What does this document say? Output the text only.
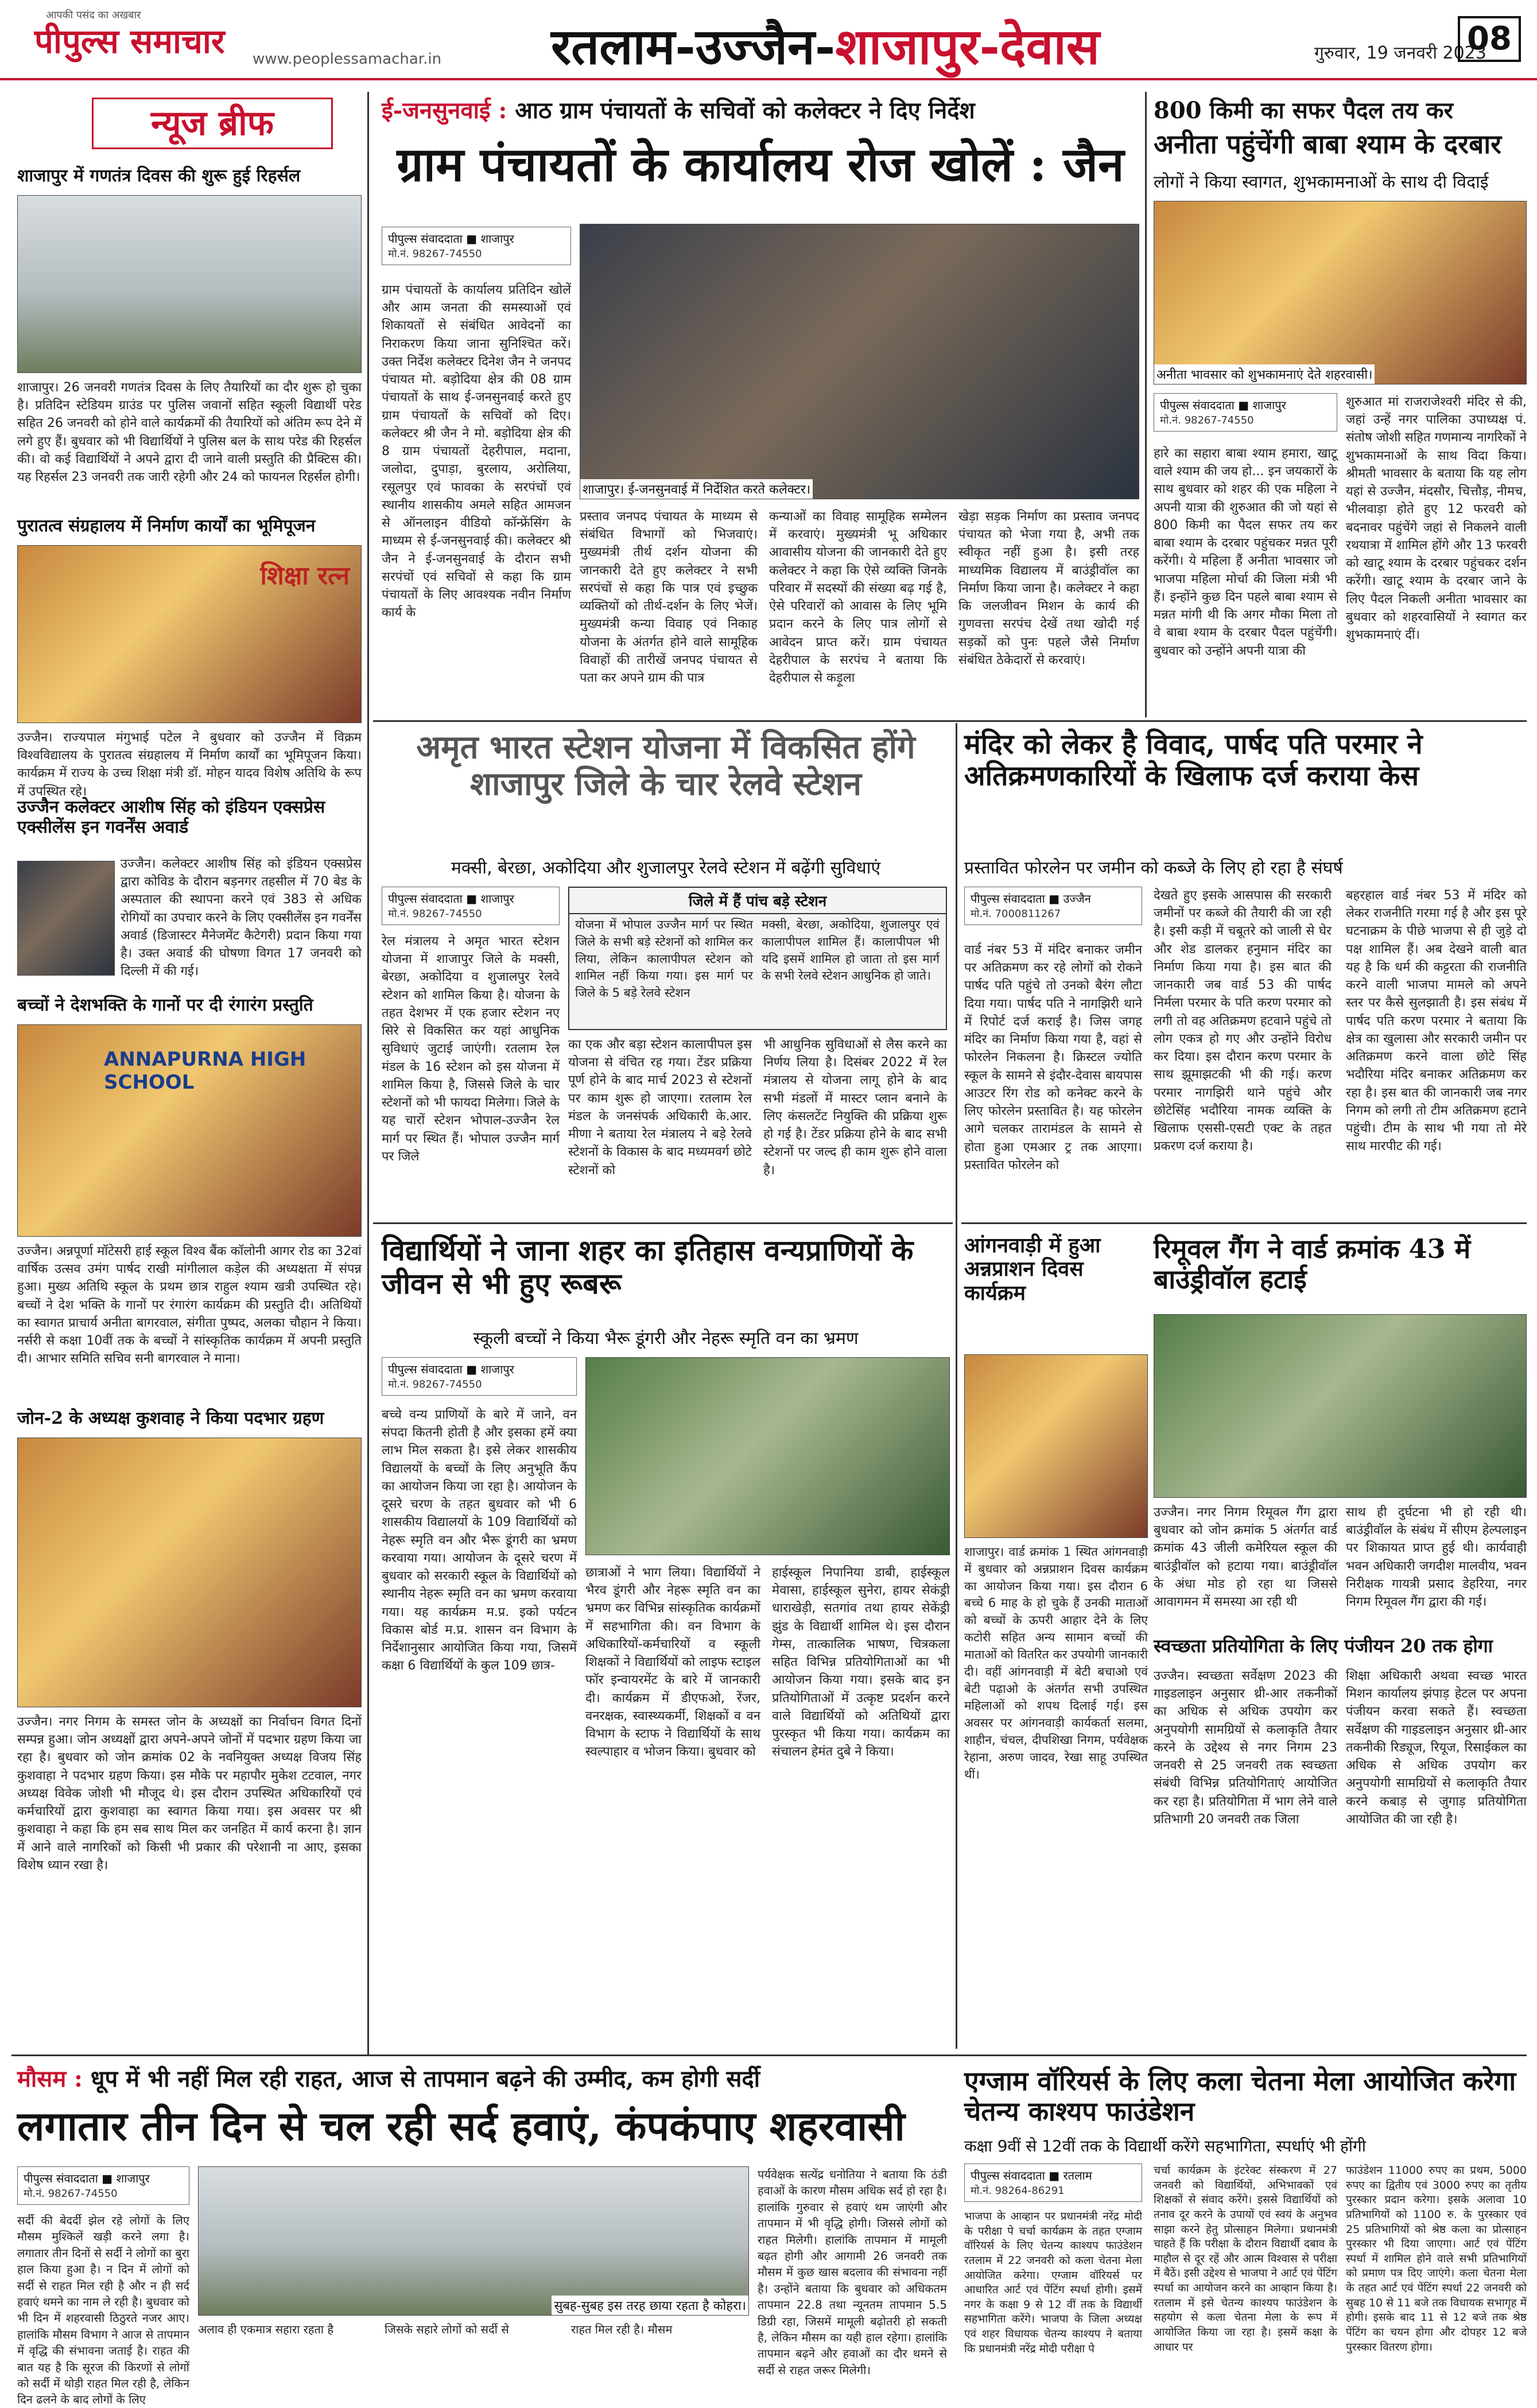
आपकी पसंद का अखबार
पीपुल्स समाचार www.peoplessamachar.in रतलाम-उज्जैन-शाजापुर-देवास	गुरुवार, 19 जनवरी 2023
08
न्यूज ब्रीफ
शाजापुर में गणतंत्र दिवस की शुरू हुई रिहर्सल
शाजापुर। 26 जनवरी गणतंत्र दिवस के लिए तैयारियों का दौर शुरू हो चुका है। प्रतिदिन स्टेडियम ग्राउंड पर पुलिस जवानों सहित स्कूली विद्यार्थी परेड सहित 26 जनवरी को होने वाले कार्यक्रमों की तैयारियों को अंतिम रूप देने में लगे हुए हैं। बुधवार को भी विद्यार्थियों ने पुलिस बल के साथ परेड की रिहर्सल की। वो कई विद्यार्थियों ने अपने द्वारा दी जाने वाली प्रस्तुति की प्रैक्टिस की। यह रिहर्सल 23 जनवरी तक जारी रहेगी और 24 को फायनल रिहर्सल होगी।
पुरातत्व संग्रहालय में निर्माण कार्यों का भूमिपूजन
शिक्षा रत्न
उज्जैन। राज्यपाल मंगुभाई पटेल ने बुधवार को उज्जैन में विक्रम विश्वविद्यालय के पुरातत्व संग्रहालय में निर्माण कार्यों का भूमिपूजन किया। कार्यक्रम में राज्य के उच्च शिक्षा मंत्री डॉ. मोहन यादव विशेष अतिथि के रूप में उपस्थित रहे।
उज्जैन कलेक्टर आशीष सिंह को इंडियन एक्सप्रेस एक्सीलेंस इन गवर्नेंस अवार्ड
उज्जैन। कलेक्टर आशीष सिंह को इंडियन एक्सप्रेस द्वारा कोविड के दौरान बड़नगर तहसील में 70 बेड के अस्पताल की स्थापना करने एवं 383 से अधिक रोगियों का उपचार करने के लिए एक्सीलेंस इन गवर्नेंस अवार्ड (डिजास्टर मैनेजमेंट कैटेगरी) प्रदान किया गया है। उक्त अवार्ड की घोषणा विगत 17 जनवरी को दिल्ली में की गई।
बच्चों ने देशभक्ति के गानों पर दी रंगारंग प्रस्तुति
ANNAPURNA HIGH SCHOOL
उज्जैन। अन्नपूर्णा मॉटेसरी हाई स्कूल विश्व बैंक कॉलोनी आगर रोड का 32वां वार्षिक उत्सव उमंग पार्षद राखी मांगीलाल कड़ेल की अध्यक्षता में संपन्न हुआ। मुख्य अतिथि स्कूल के प्रथम छात्र राहुल श्याम खत्री उपस्थित रहे। बच्चों ने देश भक्ति के गानों पर रंगारंग कार्यक्रम की प्रस्तुति दी। अतिथियों का स्वागत प्राचार्य अनीता बागरवाल, संगीता पुष्पद, अलका चौहान ने किया। नर्सरी से कक्षा 10वीं तक के बच्चों ने सांस्कृतिक कार्यक्रम में अपनी प्रस्तुति दी। आभार समिति सचिव सनी बागरवाल ने माना।
जोन-2 के अध्यक्ष कुशवाह ने किया पदभार ग्रहण
उज्जैन। नगर निगम के समस्त जोन के अध्यक्षों का निर्वाचन विगत दिनों सम्पन्न हुआ। जोन अध्यक्षों द्वारा अपने-अपने जोनों में पदभार ग्रहण किया जा रहा है। बुधवार को जोन क्रमांक 02 के नवनियुक्त अध्यक्ष विजय सिंह कुशवाहा ने पदभार ग्रहण किया। इस मौके पर महापौर मुकेश टटवाल, नगर अध्यक्ष विवेक जोशी भी मौजूद थे। इस दौरान उपस्थित अधिकारियों एवं कर्मचारियों द्वारा कुशवाहा का स्वागत किया गया। इस अवसर पर श्री कुशवाहा ने कहा कि हम सब साथ मिल कर जनहित में कार्य करना है। ज्ञान में आने वाले नागरिकों को किसी भी प्रकार की परेशानी ना आए, इसका विशेष ध्यान रखा है।
ई-जनसुनवाई : आठ ग्राम पंचायतों के सचिवों को कलेक्टर ने दिए निर्देश
ग्राम पंचायतों के कार्यालय रोज खोलें : जैन
पीपुल्स संवाददाता ■ शाजापुर
मो.नं. 98267-74550
ग्राम पंचायतों के कार्यालय प्रतिदिन खोलें और आम जनता की समस्याओं एवं शिकायतों से संबंधित आवेदनों का निराकरण किया जाना सुनिश्चित करें। उक्त निर्देश कलेक्टर दिनेश जैन ने जनपद पंचायत मो. बड़ोदिया क्षेत्र की 08 ग्राम पंचायतों के साथ ई-जनसुनवाई करते हुए ग्राम पंचायतों के सचिवों को दिए। कलेक्टर श्री जैन ने मो. बड़ोदिया क्षेत्र की 8 ग्राम पंचायतों देहरीपाल, मदाना, जलोदा, दुपाड़ा, बुरलाय, अरोलिया, रसूलपुर एवं फावका के सरपंचों एवं स्थानीय शासकीय अमले सहित आमजन से ऑनलाइन वीडियो कॉन्फ्रेंसिंग के माध्यम से ई-जनसुनवाई की। कलेक्टर श्री जैन ने ई-जनसुनवाई के दौरान सभी सरपंचों एवं सचिवों से कहा कि ग्राम पंचायतों के लिए आवश्यक नवीन निर्माण कार्य के
शाजापुर। ई-जनसुनवाई में निर्देशित करते कलेक्टर।
प्रस्ताव जनपद पंचायत के माध्यम से संबंधित विभागों को भिजवाएं। मुख्यमंत्री तीर्थ दर्शन योजना की जानकारी देते हुए कलेक्टर ने सभी सरपंचों से कहा कि पात्र एवं इच्छुक व्यक्तियों को तीर्थ-दर्शन के लिए भेजें। मुख्यमंत्री कन्या विवाह एवं निकाह योजना के अंतर्गत होने वाले सामूहिक विवाहों की तारीखें जनपद पंचायत से पता कर अपने ग्राम की पात्र
कन्याओं का विवाह सामूहिक सम्मेलन में करवाएं। मुख्यमंत्री भू अधिकार आवासीय योजना की जानकारी देते हुए कलेक्टर ने कहा कि ऐसे व्यक्ति जिनके परिवार में सदस्यों की संख्या बढ़ गई है, ऐसे परिवारों को आवास के लिए भूमि प्रदान करने के लिए पात्र लोगों से आवेदन प्राप्त करें। ग्राम पंचायत देहरीपाल के सरपंच ने बताया कि देहरीपाल से कड़ूला
खेड़ा सड़क निर्माण का प्रस्ताव जनपद पंचायत को भेजा गया है, अभी तक स्वीकृत नहीं हुआ है। इसी तरह माध्यमिक विद्यालय में बाउंड्रीवॉल का निर्माण किया जाना है। कलेक्टर ने कहा कि जलजीवन मिशन के कार्य की गुणवत्ता सरपंच देखें तथा खोदी गई सड़कों को पुनः पहले जैसे निर्माण संबंधित ठेकेदारों से करवाएं।
800 किमी का सफर पैदल तय कर
अनीता पहुंचेंगी बाबा श्याम के दरबार
लोगों ने किया स्वागत, शुभकामनाओं के साथ दी विदाई
अनीता भावसार को शुभकामनाएं देते शहरवासी।
पीपुल्स संवाददाता ■ शाजापुर
मो.नं. 98267-74550
हारे का सहारा बाबा श्याम हमारा, खाटू वाले श्याम की जय हो... इन जयकारों के साथ बुधवार को शहर की एक महिला ने अपनी यात्रा की शुरुआत की जो यहां से 800 किमी का पैदल सफर तय कर बाबा श्याम के दरबार पहुंचकर मन्नत पूरी करेंगी। ये महिला हैं अनीता भावसार जो भाजपा महिला मोर्चा की जिला मंत्री भी हैं। इन्होंने कुछ दिन पहले बाबा श्याम से मन्नत मांगी थी कि अगर मौका मिला तो वे बाबा श्याम के दरबार पैदल पहुंचेंगी। बुधवार को उन्होंने अपनी यात्रा की
शुरुआत मां राजराजेश्वरी मंदिर से की, जहां उन्हें नगर पालिका उपाध्यक्ष पं. संतोष जोशी सहित गणमान्य नागरिकों ने शुभकामनाओं के साथ विदा किया। श्रीमती भावसार के बताया कि यह लोग यहां से उज्जैन, मंदसौर, चित्तौड़, नीमच, भीलवाड़ा होते हुए 12 फरवरी को बदनावर पहुंचेंगे जहां से निकलने वाली रथयात्रा में शामिल होंगे और 13 फरवरी को खाटू श्याम के दरबार पहुंचकर दर्शन करेंगी। खाटू श्याम के दरबार जाने के लिए पैदल निकली अनीता भावसार का बुधवार को शहरवासियों ने स्वागत कर शुभकामनाएं दीं।
अमृत भारत स्टेशन योजना में विकसित होंगे शाजापुर जिले के चार रेलवे स्टेशन
मक्सी, बेरछा, अकोदिया और शुजालपुर रेलवे स्टेशन में बढ़ेंगी सुविधाएं
पीपुल्स संवाददाता ■ शाजापुर
मो.नं. 98267-74550
रेल मंत्रालय ने अमृत भारत स्टेशन योजना में शाजापुर जिले के मक्सी, बेरछा, अकोदिया व शुजालपुर रेलवे स्टेशन को शामिल किया है। योजना के तहत देशभर में एक हजार स्टेशन नए सिरे से विकसित कर यहां आधुनिक सुविधाएं जुटाई जाएंगी। रतलाम रेल मंडल के 16 स्टेशन को इस योजना में शामिल किया है, जिससे जिले के चार स्टेशनों को भी फायदा मिलेगा। जिले के यह चारों स्टेशन भोपाल-उज्जैन रेल मार्ग पर स्थित हैं। भोपाल उज्जैन मार्ग पर जिले
जिले में हैं पांच बड़े स्टेशन
योजना में भोपाल उज्जैन मार्ग पर स्थित जिले के सभी बड़े स्टेशनों को शामिल कर लिया, लेकिन कालापीपल स्टेशन को शामिल नहीं किया गया। इस मार्ग पर जिले के 5 बड़े रेलवे स्टेशन
मक्सी, बेरछा, अकोदिया, शुजालपुर एवं कालापीपल शामिल हैं। कालापीपल भी यदि इसमें शामिल हो जाता तो इस मार्ग के सभी रेलवे स्टेशन आधुनिक हो जाते।
का एक और बड़ा स्टेशन कालापीपल इस योजना से वंचित रह गया। टेंडर प्रक्रिया पूर्ण होने के बाद मार्च 2023 से स्टेशनों पर काम शुरू हो जाएगा। रतलाम रेल मंडल के जनसंपर्क अधिकारी के.आर. मीणा ने बताया रेल मंत्रालय ने बड़े रेलवे स्टेशनों के विकास के बाद मध्यमवर्ग छोटे स्टेशनों को
भी आधुनिक सुविधाओं से लैस करने का निर्णय लिया है। दिसंबर 2022 में रेल मंत्रालय से योजना लागू होने के बाद सभी मंडलों में मास्टर प्लान बनाने के लिए कंसलटेंट नियुक्ति की प्रक्रिया शुरू हो गई है। टेंडर प्रक्रिया होने के बाद सभी स्टेशनों पर जल्द ही काम शुरू होने वाला है।
मंदिर को लेकर है विवाद, पार्षद पति परमार ने अतिक्रमणकारियों के खिलाफ दर्ज कराया केस
प्रस्तावित फोरलेन पर जमीन को कब्जे के लिए हो रहा है संघर्ष
पीपुल्स संवाददाता ■ उज्जैन
मो.नं. 7000811267
वार्ड नंबर 53 में मंदिर बनाकर जमीन पर अतिक्रमण कर रहे लोगों को रोकने पार्षद पति पहुंचे तो उनको बैरंग लौटा दिया गया। पार्षद पति ने नागझिरी थाने में रिपोर्ट दर्ज कराई है। जिस जगह मंदिर का निर्माण किया गया है, वहां से फोरलेन निकलना है। क्रिस्टल ज्योति स्कूल के सामने से इंदौर-देवास बायपास आउटर रिंग रोड को कनेक्ट करने के लिए फोरलेन प्रस्तावित है। यह फोरलेन आगे चलकर तारामंडल के सामने से होता हुआ एमआर ट्र तक आएगा। प्रस्तावित फोरलेन को
देखते हुए इसके आसपास की सरकारी जमीनों पर कब्जे की तैयारी की जा रही है। इसी कड़ी में चबूतरे को जाली से घेर और शेड डालकर हनुमान मंदिर का निर्माण किया गया है। इस बात की जानकारी जब वार्ड 53 की पार्षद निर्मला परमार के पति करण परमार को लगी तो वह अतिक्रमण हटवाने पहुंचे तो लोग एकत्र हो गए और उन्होंने विरोध कर दिया। इस दौरान करण परमार के साथ झूमाझटकी भी की गई। करण परमार नागझिरी थाने पहुंचे और छोटेसिंह भदौरिया नामक व्यक्ति के खिलाफ एससी-एसटी एक्ट के तहत प्रकरण दर्ज कराया है।
बहरहाल वार्ड नंबर 53 में मंदिर को लेकर राजनीति गरमा गई है और इस पूरे घटनाक्रम के पीछे भाजपा से ही जुड़े दो पक्ष शामिल हैं। अब देखने वाली बात यह है कि धर्म की कट्टरता की राजनीति करने वाली भाजपा मामले को अपने स्तर पर कैसे सुलझाती है। इस संबंध में पार्षद पति करण परमार ने बताया कि क्षेत्र का खुलासा और सरकारी जमीन पर अतिक्रमण करने वाला छोटे सिंह भदौरिया मंदिर बनाकर अतिक्रमण कर रहा है। इस बात की जानकारी जब नगर निगम को लगी तो टीम अतिक्रमण हटाने पहुंची। टीम के साथ भी गया तो मेरे साथ मारपीट की गई।
विद्यार्थियों ने जाना शहर का इतिहास वन्यप्राणियों के जीवन से भी हुए रूबरू
स्कूली बच्चों ने किया भैरू डूंगरी और नेहरू स्मृति वन का भ्रमण
पीपुल्स संवाददाता ■ शाजापुर
मो.नं. 98267-74550
बच्चे वन्य प्राणियों के बारे में जाने, वन संपदा कितनी होती है और इसका हमें क्या लाभ मिल सकता है। इसे लेकर शासकीय विद्यालयों के बच्चों के लिए अनुभूति कैंप का आयोजन किया जा रहा है। आयोजन के दूसरे चरण के तहत बुधवार को भी 6 शासकीय विद्यालयों के 109 विद्यार्थियों को नेहरू स्मृति वन और भैरू डूंगरी का भ्रमण करवाया गया। आयोजन के दूसरे चरण में बुधवार को सरकारी स्कूल के विद्यार्थियों को स्थानीय नेहरू स्मृति वन का भ्रमण करवाया गया। यह कार्यक्रम म.प्र. इको पर्यटन विकास बोर्ड म.प्र. शासन वन विभाग के निर्देशानुसार आयोजित किया गया, जिसमें कक्षा 6 विद्यार्थियों के कुल 109 छात्र-
छात्राओं ने भाग लिया। विद्यार्थियों ने भैरव डूंगरी और नेहरू स्मृति वन का भ्रमण कर विभिन्न सांस्कृतिक कार्यक्रमों में सहभागिता की। वन विभाग के अधिकारियों-कर्मचारियों व स्कूली शिक्षकों ने विद्यार्थियों को लाइफ स्टाइल फॉर इन्वायरमेंट के बारे में जानकारी दी। कार्यक्रम में डीएफओ, रेंजर, वनरक्षक, स्वास्थ्यकर्मी, शिक्षकों व वन विभाग के स्टाफ ने विद्यार्थियों के साथ स्वल्पाहार व भोजन किया। बुधवार को
हाईस्कूल निपानिया डाबी, हाईस्कूल मेवासा, हाईस्कूल सुनेरा, हायर सेकंड्री धाराखेड़ी, सतगांव तथा हायर सेकेंड्री झुंड के विद्यार्थी शामिल थे। इस दौरान गेम्स, तात्कालिक भाषण, चित्रकला सहित विभिन्न प्रतियोगिताओं का भी आयोजन किया गया। इसके बाद इन प्रतियोगिताओं में उत्कृष्ट प्रदर्शन करने वाले विद्यार्थियों को अतिथियों द्वारा पुरस्कृत भी किया गया। कार्यक्रम का संचालन हेमंत दुबे ने किया।
आंगनवाड़ी में हुआ अन्नप्राशन दिवस कार्यक्रम
शाजापुर। वार्ड क्रमांक 1 स्थित आंगनवाड़ी में बुधवार को अन्नप्राशन दिवस कार्यक्रम का आयोजन किया गया। इस दौरान 6 बच्चे 6 माह के हो चुके हैं उनकी माताओं को बच्चों के ऊपरी आहार देने के लिए कटोरी सहित अन्य सामान बच्चों की माताओं को वितरित कर उपयोगी जानकारी दी। वहीं आंगनवाड़ी में बेटी बचाओ एवं बेटी पढ़ाओ के अंतर्गत सभी उपस्थित महिलाओं को शपथ दिलाई गई। इस अवसर पर आंगनवाड़ी कार्यकर्ता सलमा, शाहीन, चंचल, दीपशिखा निगम, पर्यवेक्षक रेहाना, अरुण जादव, रेखा साहू उपस्थित थीं।
रिमूवल गैंग ने वार्ड क्रमांक 43 में बाउंड्रीवॉल हटाई
उज्जैन। नगर निगम रिमूवल गैंग द्वारा बुधवार को जोन क्रमांक 5 अंतर्गत वार्ड क्रमांक 43 जीली कमेरियल स्कूल की बाउंड्रीवॉल को हटाया गया। बाउंड्रीवॉल के अंधा मोड हो रहा था जिससे आवागमन में समस्या आ रही थी
साथ ही दुर्घटना भी हो रही थी। बाउंड्रीवॉल के संबंध में सीएम हेल्पलाइन पर शिकायत प्राप्त हुई थी। कार्यवाही भवन अधिकारी जगदीश मालवीय, भवन निरीक्षक गायत्री प्रसाद डेहरिया, नगर निगम रिमूवल गैंग द्वारा की गई।
स्वच्छता प्रतियोगिता के लिए पंजीयन 20 तक होगा
उज्जैन। स्वच्छता सर्वेक्षण 2023 की गाइडलाइन अनुसार थ्री-आर तकनीकों का अधिक से अधिक उपयोग कर अनुपयोगी सामग्रियों से कलाकृति तैयार करने के उद्देश्य से नगर निगम 23 जनवरी से 25 जनवरी तक स्वच्छता संबंधी विभिन्न प्रतियोगिताएं आयोजित कर रहा है। प्रतियोगिता में भाग लेने वाले प्रतिभागी 20 जनवरी तक जिला
शिक्षा अधिकारी अथवा स्वच्छ भारत मिशन कार्यालय झंपाड़ हेटल पर अपना पंजीयन करवा सकते हैं। स्वच्छता सर्वेक्षण की गाइडलाइन अनुसार थ्री-आर तकनीकी रिड्यूज, रियूज, रिसाईकल का अधिक से अधिक उपयोग कर अनुपयोगी सामग्रियों से कलाकृति तैयार करने कबाड़ से जुगाड़ प्रतियोगिता आयोजित की जा रही है।
मौसम : धूप में भी नहीं मिल रही राहत, आज से तापमान बढ़ने की उम्मीद, कम होगी सर्दी
लगातार तीन दिन से चल रही सर्द हवाएं, कंपकंपाए शहरवासी
पीपुल्स संवाददाता ■ शाजापुर
मो.नं. 98267-74550
सर्दी की बेदर्दी झेल रहे लोगों के लिए मौसम मुश्किलें खड़ी करने लगा है। लगातार तीन दिनों से सर्दी ने लोगों का बुरा हाल किया हुआ है। न दिन में लोगों को सर्दी से राहत मिल रही है और न ही सर्द हवाएं थमने का नाम ले रही है। बुधवार को भी दिन में शहरवासी ठिठुरते नजर आए। हालांकि मौसम विभाग ने आज से तापमान में वृद्धि की संभावना जताई है। राहत की बात यह है कि सूरज की किरणों से लोगों को सर्दी में थोड़ी राहत मिल रही है, लेकिन दिन ढलने के बाद लोगों के लिए
सुबह-सुबह इस तरह छाया रहता है कोहरा।
अलाव ही एकमात्र सहारा रहता है	जिसके सहारे लोगों को सर्दी से	राहत मिल रही है। मौसम
पर्यवेक्षक सत्येंद्र धनोतिया ने बताया कि ठंडी हवाओं के कारण मौसम अधिक सर्द हो रहा है। हालांकि गुरुवार से हवाएं थम जाएंगी और तापमान में भी वृद्धि होगी। जिससे लोगों को राहत मिलेगी। हालांकि तापमान में मामूली बढ़त होगी और आगामी 26 जनवरी तक मौसम में कुछ खास बदलाव की संभावना नहीं है। उन्होंने बताया कि बुधवार को अधिकतम तापमान 22.8 तथा न्यूनतम तापमान 5.5 डिग्री रहा, जिसमें मामूली बढ़ोतरी हो सकती है, लेकिन मौसम का यही हाल रहेगा। हालांकि तापमान बढ़ने और हवाओं का दौर थमने से सर्दी से राहत जरूर मिलेगी।
एग्जाम वॉरियर्स के लिए कला चेतना मेला आयोजित करेगा चेतन्य काश्यप फाउंडेशन
कक्षा 9वीं से 12वीं तक के विद्यार्थी करेंगे सहभागिता, स्पर्धाएं भी होंगी
पीपुल्स संवाददाता ■ रतलाम
मो.नं. 98264-86291
भाजपा के आव्हान पर प्रधानमंत्री नरेंद्र मोदी के परीक्षा पे चर्चा कार्यक्रम के तहत एग्जाम वॉरियर्स के लिए चेतन्य काश्यप फाउंडेशन रतलाम में 22 जनवरी को कला चेतना मेला आयोजित करेगा। एग्जाम वॉरियर्स पर आधारित आर्ट एवं पेंटिंग स्पर्धा होगी। इसमें नगर के कक्षा 9 से 12 वीं तक के विद्यार्थी सहभागिता करेंगे। भाजपा के जिला अध्यक्ष एवं शहर विधायक चेतन्य काश्यप ने बताया कि प्रधानमंत्री नरेंद्र मोदी परीक्षा पे
चर्चा कार्यक्रम के इंटरेक्ट संस्करण में 27 जनवरी को विद्यार्थियों, अभिभावकों एवं शिक्षकों से संवाद करेंगे। इससे विद्यार्थियों को तनाव दूर करने के उपायों एवं स्वयं के अनुभव साझा करने हेतु प्रोत्साहन मिलेगा। प्रधानमंत्री चाहते हैं कि परीक्षा के दौरान विद्यार्थी दबाव के माहौल से दूर रहें और आत्म विश्वास से परीक्षा में बैठें। इसी उद्देश्य से भाजपा ने आर्ट एवं पेंटिंग स्पर्धा का आयोजन करने का आव्हान किया है। रतलाम में इसे चेतन्य काश्यप फाउंडेशन के सहयोग से कला चेतना मेला के रूप में आयोजित किया जा रहा है। इसमें कक्षा के आधार पर
फाउंडेशन 11000 रुपए का प्रथम, 5000 रुपए का द्वितीय एवं 3000 रुपए का तृतीय पुरस्कार प्रदान करेगा। इसके अलावा 10 प्रतिभागियों को 1100 रु. के पुरस्कार एवं 25 प्रतिभागियों को श्रेष्ठ कला का प्रोत्साहन पुरस्कार भी दिया जाएगा। आर्ट एवं पेंटिंग स्पर्धा में शामिल होने वाले सभी प्रतिभागियों को प्रमाण पत्र दिए जाएंगे। कला चेतना मेला के तहत आर्ट एवं पेंटिंग स्पर्धा 22 जनवरी को सुबह 10 से 11 बजे तक विधायक सभागृह में होगी। इसके बाद 11 से 12 बजे तक श्रेष्ठ पेंटिंग का चयन होगा और दोपहर 12 बजे पुरस्कार वितरण होगा।
